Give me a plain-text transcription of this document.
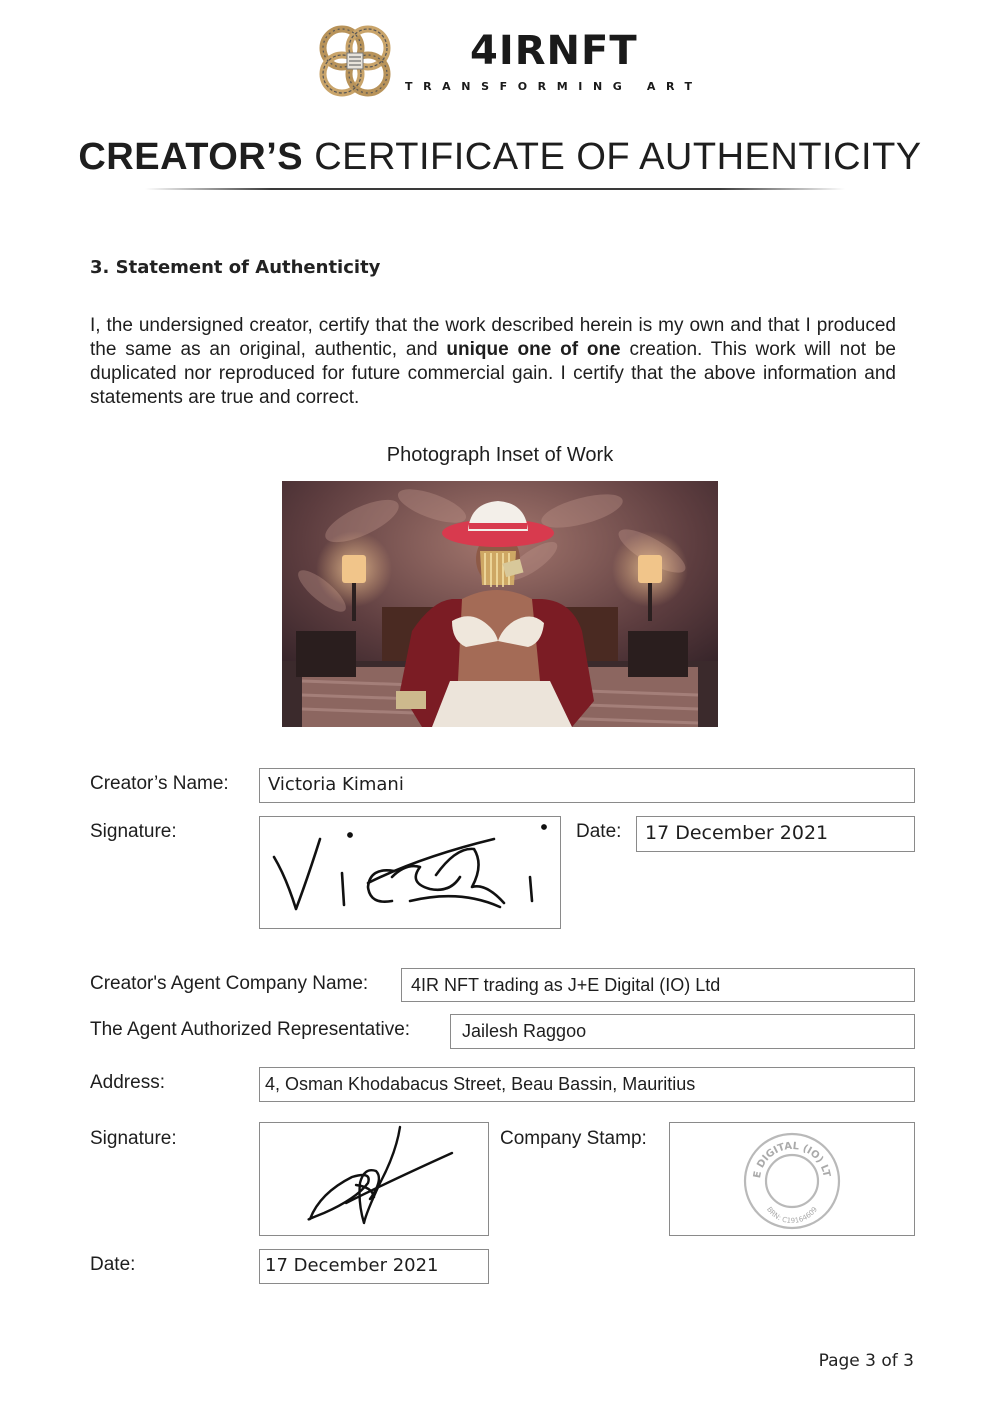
4IRNFT
TRANSFORMING ART
CREATOR’S CERTIFICATE OF AUTHENTICITY
3. Statement of Authenticity
I, the undersigned creator, certify that the work described herein is my own and that I produced the same as an original, authentic, and unique one of one creation. This work will not be duplicated nor reproduced for future commercial gain. I certify that the above information and statements are true and correct.
Photograph Inset of Work
Creator’s Name:	Victoria Kimani
Signature:	Date:	17 December 2021
Creator's Agent Company Name:	4IR NFT trading as J+E Digital (IO) Ltd
The Agent Authorized Representative:	Jailesh Raggoo
Address:	4, Osman Khodabacus Street, Beau Bassin, Mauritius
Signature:	Company Stamp:
E DIGITAL (IO) LT
BRN: C19164609
Date:	17 December 2021
Page 3 of 3
